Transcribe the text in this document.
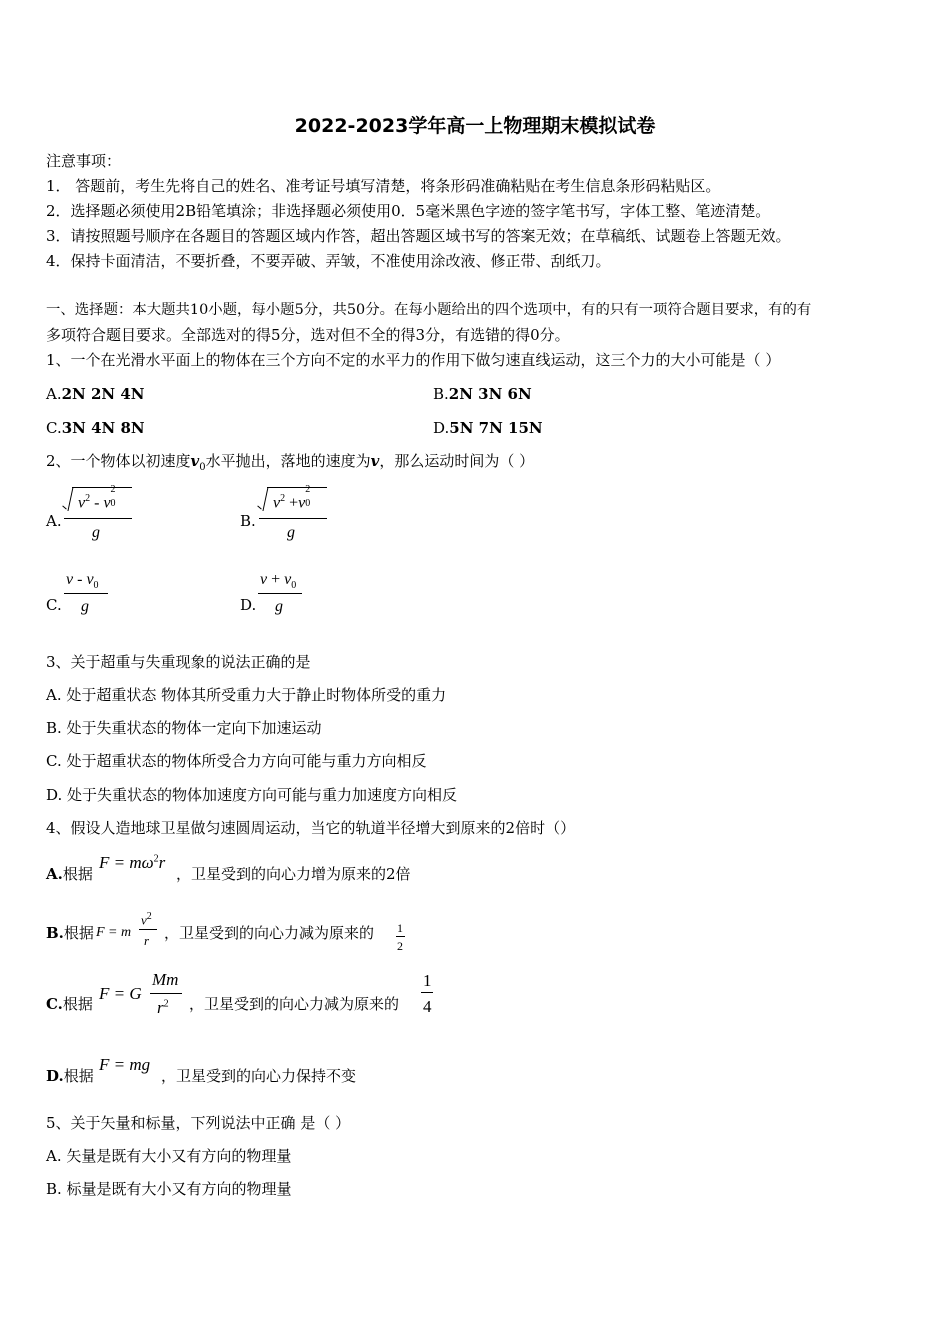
2022-2023学年高一上物理期末模拟试卷
注意事项：
1． 答题前，考生先将自己的姓名、准考证号填写清楚，将条形码准确粘贴在考生信息条形码粘贴区。
2．选择题必须使用2B铅笔填涂；非选择题必须使用0．5毫米黑色字迹的签字笔书写，字体工整、笔迹清楚。
3．请按照题号顺序在各题目的答题区域内作答，超出答题区域书写的答案无效；在草稿纸、试题卷上答题无效。
4．保持卡面清洁，不要折叠，不要弄破、弄皱，不准使用涂改液、修正带、刮纸刀。
一、选择题：本大题共10小题，每小题5分，共50分。在每小题给出的四个选项中，有的只有一项符合题目要求，有的有
多项符合题目要求。全部选对的得5分，选对但不全的得3分，有选错的得0分。
1、一个在光滑水平面上的物体在三个方向不定的水平力的作用下做匀速直线运动，这三个力的大小可能是（ ）
A.2N 2N 4N	B.2N 3N 6N
C.3N 4N 8N	D.5N 7N 15N
2、一个物体以初速度$v_0$水平抛出，落地的速度为v，那么运动时间为（ ）
A.
$v^2$ - v
2
0
g
B.
$v^2 +v$
2
0
g
C.
v - $v_0$
g	D.
$v + v_0$
g
3、关于超重与失重现象的说法正确的是
A. 处于超重状态 物体其所受重力大于静止时物体所受的重力
B. 处于失重状态的物体一定向下加速运动
C. 处于超重状态的物体所受合力方向可能与重力方向相反
D. 处于失重状态的物体加速度方向可能与重力加速度方向相反
4、假设人造地球卫星做匀速圆周运动，当它的轨道半径增大到原来的2倍时（）
A.根据
$F = m\omega^2r$
，卫星受到的向心力增为原来的2倍
B.根据 F = m
$v^2$
r ，卫星受到的向心力减为原来的 1
2
C.根据
F = G
Mm
$r^2$ ，卫星受到的向心力减为原来的
1
4
D.根据
F = mg
，卫星受到的向心力保持不变
5、关于矢量和标量，下列说法中正确 是（ ）
A. 矢量是既有大小又有方向的物理量
B. 标量是既有大小又有方向的物理量
